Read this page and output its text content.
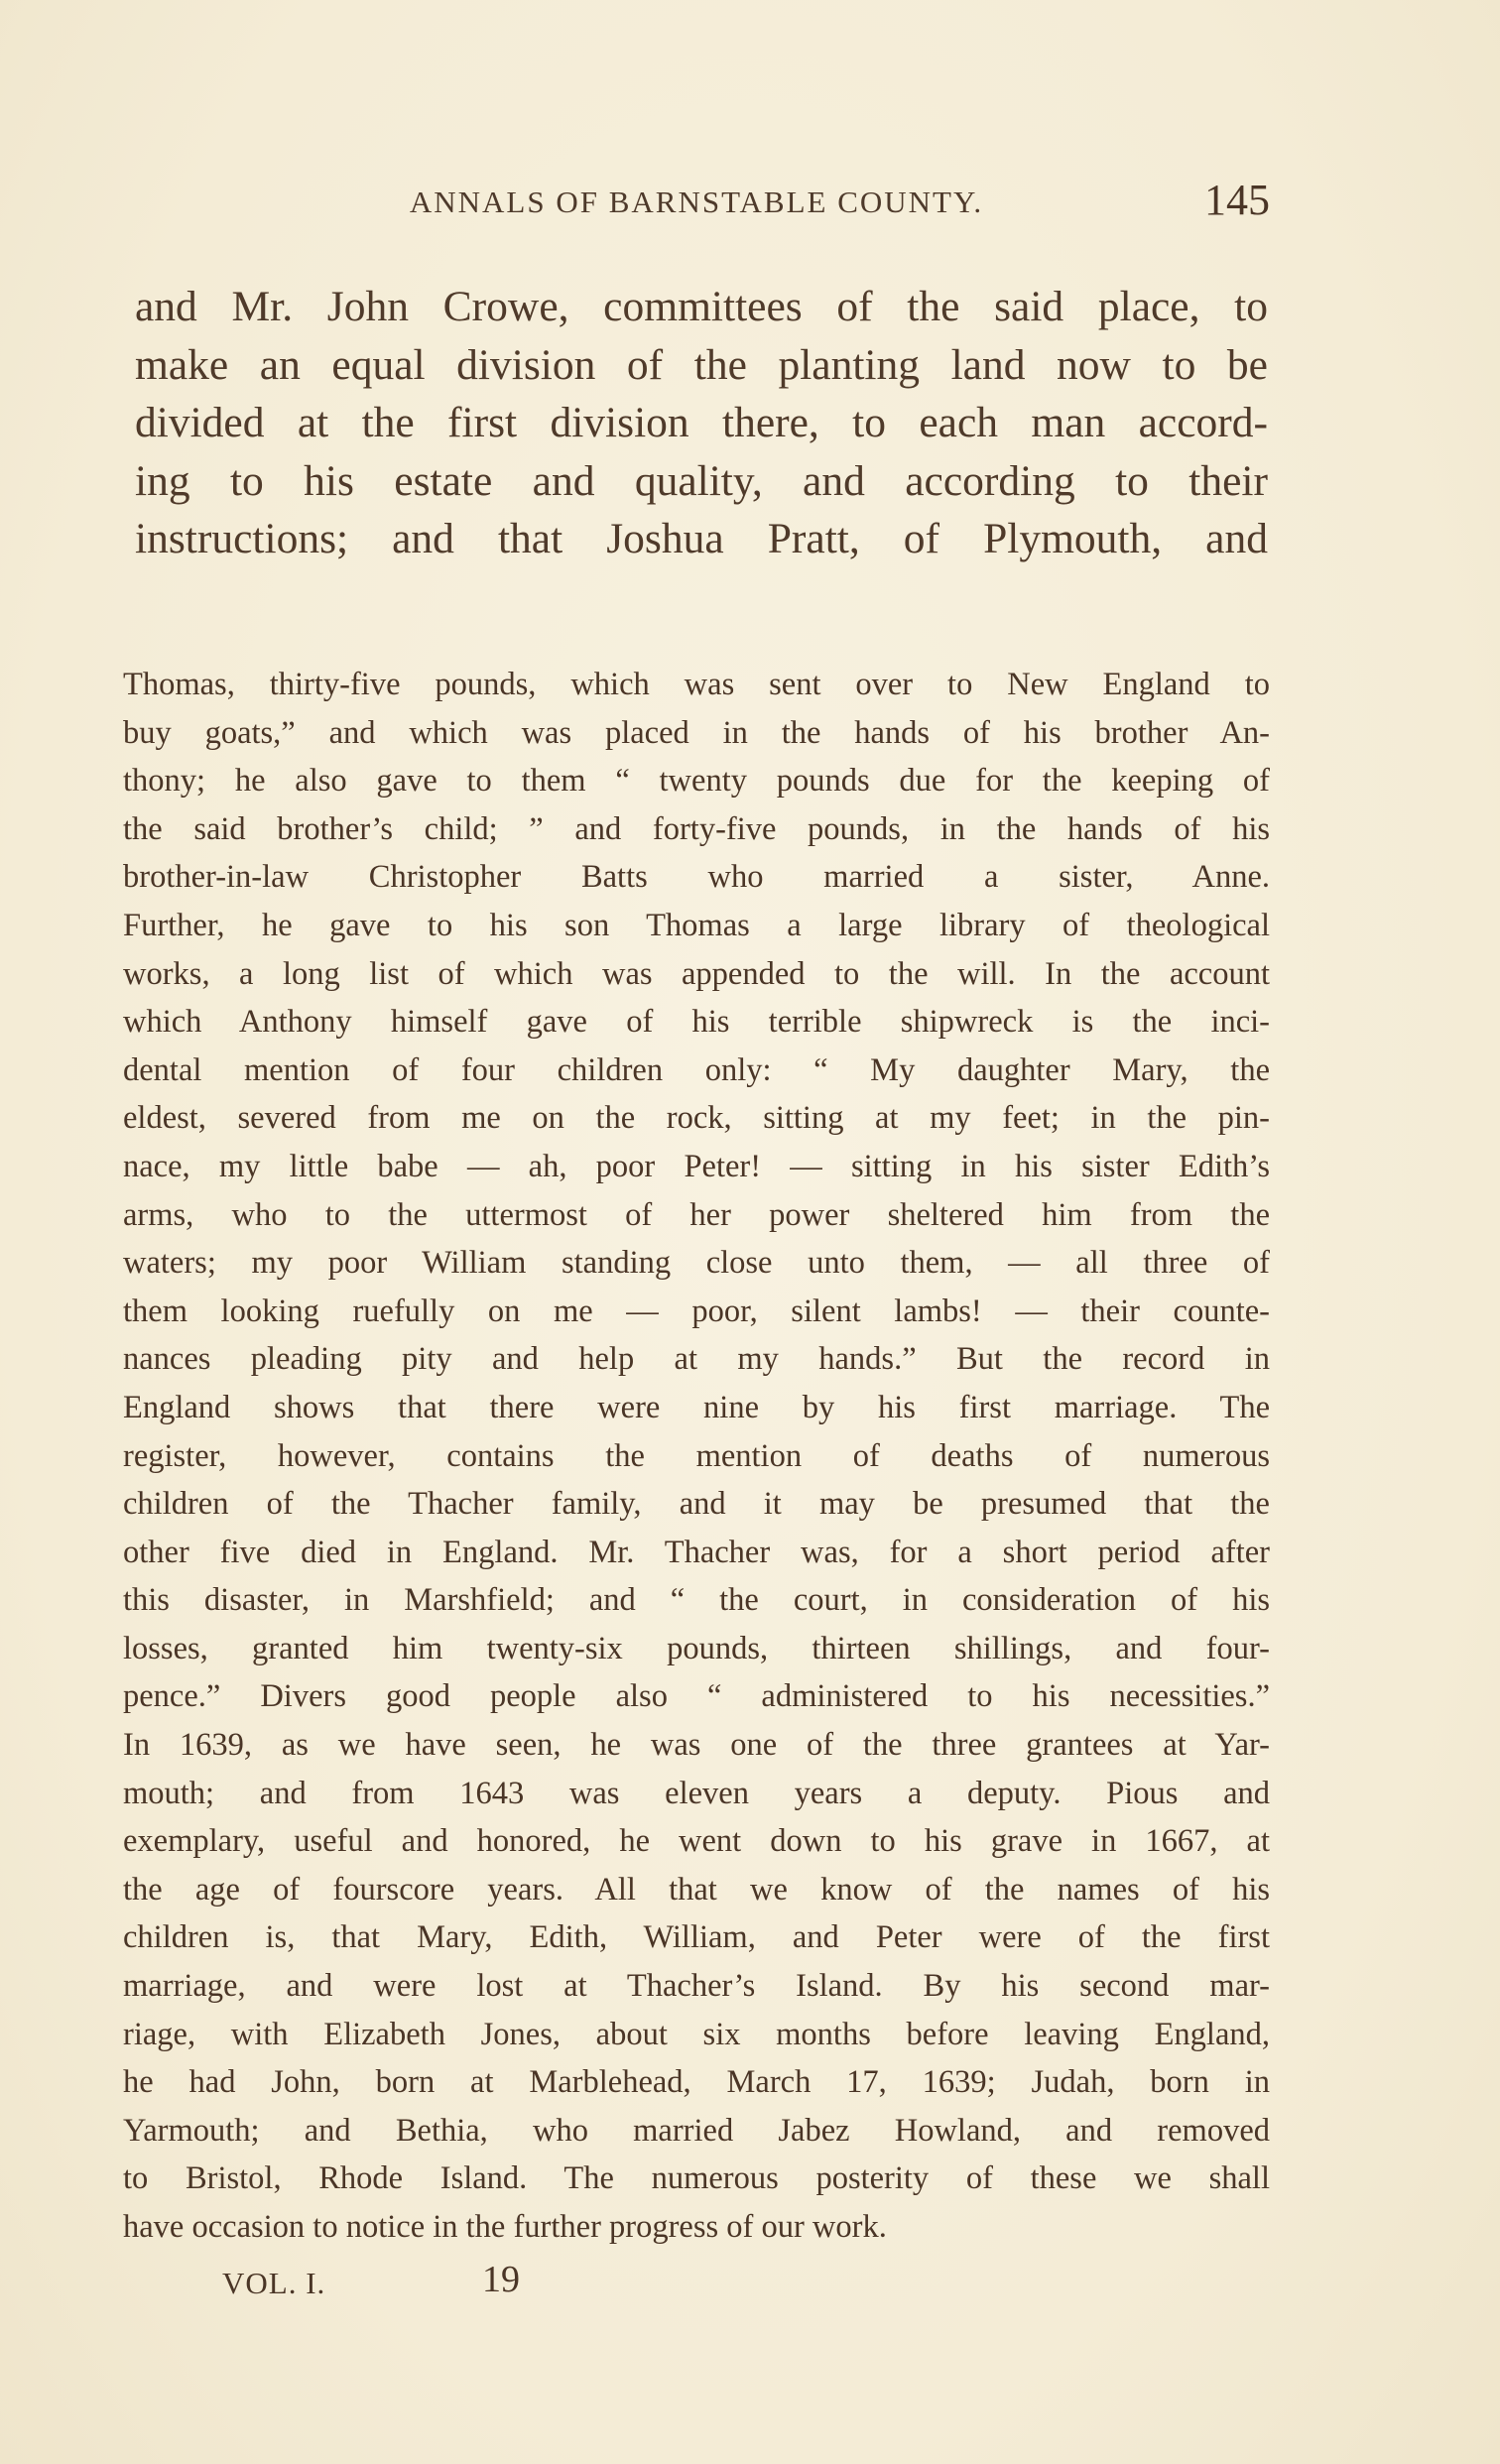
ANNALS OF BARNSTABLE COUNTY.	145
and Mr. John Crowe, committees of the said place, to
make an equal division of the planting land now to be
divided at the first division there, to each man accord-
ing to his estate and quality, and according to their
instructions; and that Joshua Pratt, of Plymouth, and
Thomas, thirty-five pounds, which was sent over to New England to
buy goats,” and which was placed in the hands of his brother An-
thony; he also gave to them “ twenty pounds due for the keeping of
the said brother’s child; ” and forty-five pounds, in the hands of his
brother-in-law Christopher Batts who married a sister, Anne.
Further, he gave to his son Thomas a large library of theological
works, a long list of which was appended to the will. In the account
which Anthony himself gave of his terrible shipwreck is the inci-
dental mention of four children only: “ My daughter Mary, the
eldest, severed from me on the rock, sitting at my feet; in the pin-
nace, my little babe — ah, poor Peter! — sitting in his sister Edith’s
arms, who to the uttermost of her power sheltered him from the
waters; my poor William standing close unto them, — all three of
them looking ruefully on me — poor, silent lambs! — their counte-
nances pleading pity and help at my hands.” But the record in
England shows that there were nine by his first marriage. The
register, however, contains the mention of deaths of numerous
children of the Thacher family, and it may be presumed that the
other five died in England. Mr. Thacher was, for a short period after
this disaster, in Marshfield; and “ the court, in consideration of his
losses, granted him twenty-six pounds, thirteen shillings, and four-
pence.” Divers good people also “ administered to his necessities.”
In 1639, as we have seen, he was one of the three grantees at Yar-
mouth; and from 1643 was eleven years a deputy. Pious and
exemplary, useful and honored, he went down to his grave in 1667, at
the age of fourscore years. All that we know of the names of his
children is, that Mary, Edith, William, and Peter were of the first
marriage, and were lost at Thacher’s Island. By his second mar-
riage, with Elizabeth Jones, about six months before leaving England,
he had John, born at Marblehead, March 17, 1639; Judah, born in
Yarmouth; and Bethia, who married Jabez Howland, and removed
to Bristol, Rhode Island. The numerous posterity of these we shall
have occasion to notice in the further progress of our work.
VOL. I.	19
